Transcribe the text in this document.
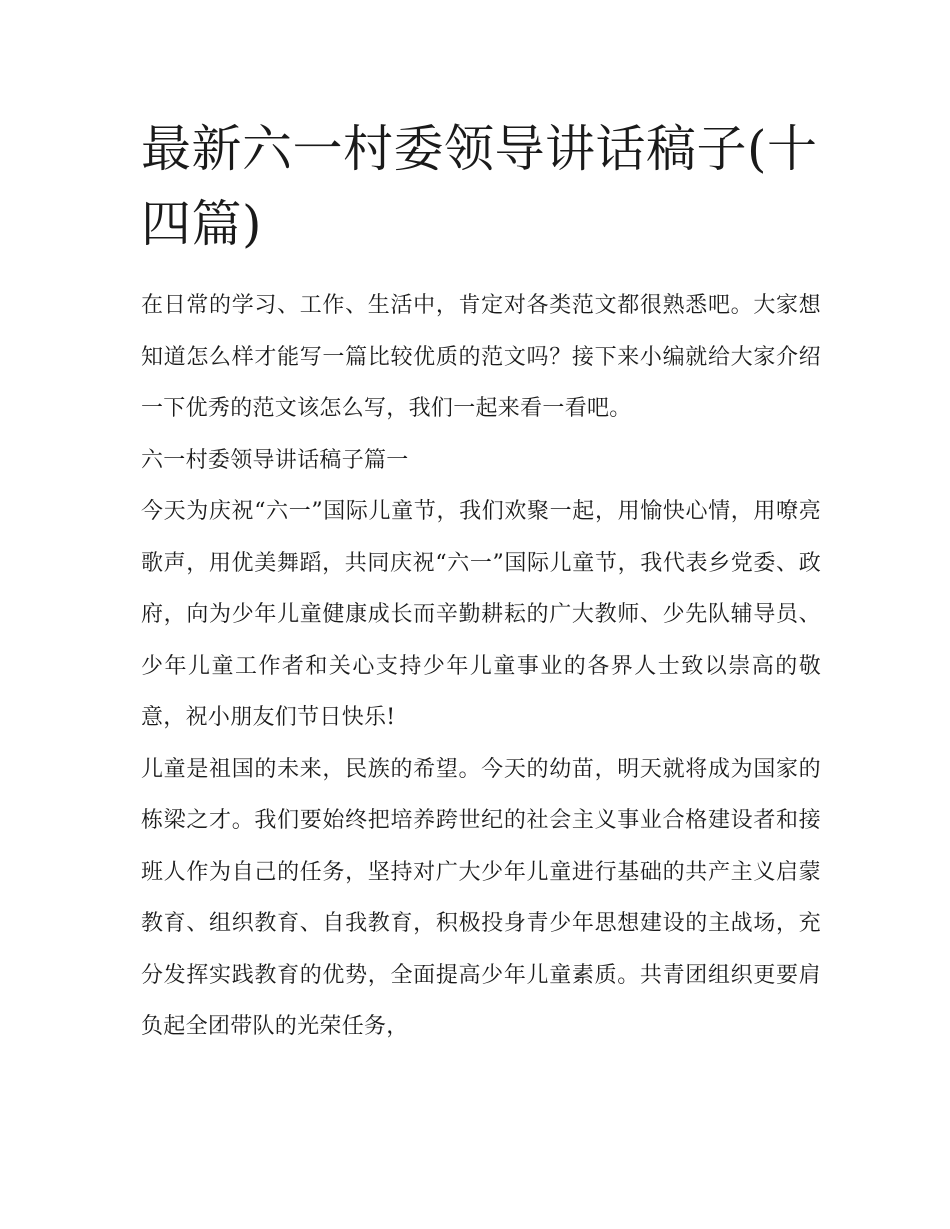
最新六一村委领导讲话稿子(十四篇)

在日常的学习、工作、生活中，肯定对各类范文都很熟悉吧。大家想知道怎么样才能写一篇比较优质的范文吗？接下来小编就给大家介绍一下优秀的范文该怎么写，我们一起来看一看吧。

六一村委领导讲话稿子篇一

今天为庆祝“六一”国际儿童节，我们欢聚一起，用愉快心情，用嘹亮歌声，用优美舞蹈，共同庆祝“六一”国际儿童节，我代表乡党委、政府，向为少年儿童健康成长而辛勤耕耘的广大教师、少先队辅导员、少年儿童工作者和关心支持少年儿童事业的各界人士致以崇高的敬意，祝小朋友们节日快乐!

儿童是祖国的未来，民族的希望。今天的幼苗，明天就将成为国家的栋梁之才。我们要始终把培养跨世纪的社会主义事业合格建设者和接班人作为自己的任务，坚持对广大少年儿童进行基础的共产主义启蒙教育、组织教育、自我教育，积极投身青少年思想建设的主战场，充分发挥实践教育的优势，全面提高少年儿童素质。共青团组织更要肩负起全团带队的光荣任务，
